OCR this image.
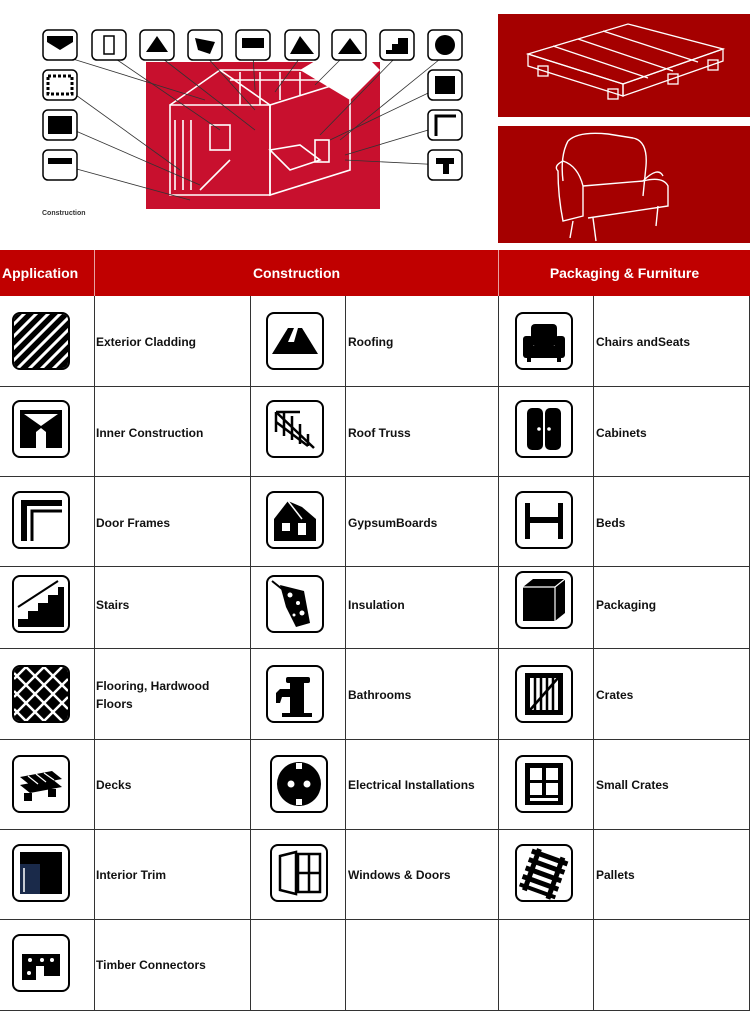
Construction
Application	Construction	Packaging & Furniture
Exterior Cladding
Inner Construction
Door Frames
Stairs
Flooring, Hardwood Floors
Decks
Interior Trim
Timber Connectors
Roofing
Roof Truss
GypsumBoards
Insulation
Bathrooms
Electrical Installations
Windows & Doors
Chairs andSeats
Cabinets
Beds
Packaging
Crates
Small Crates
Pallets
